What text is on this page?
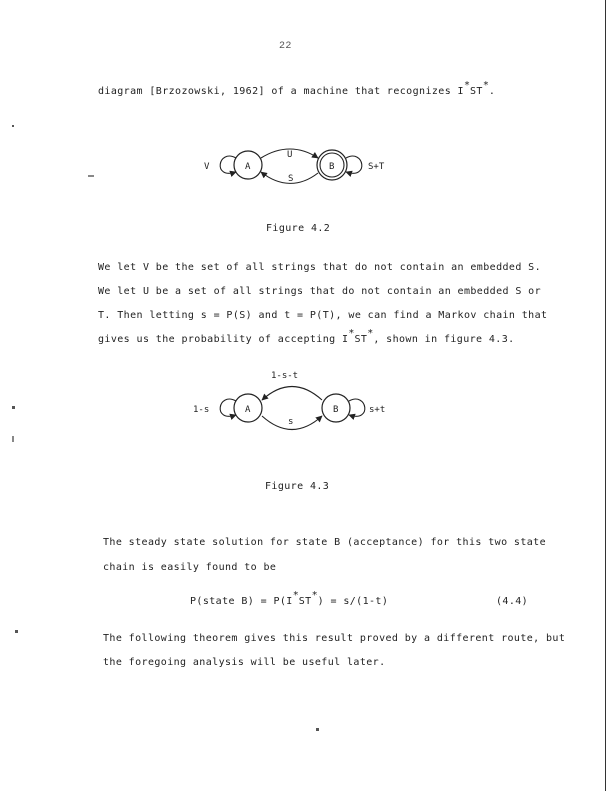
22
diagram [Brzozowski, 1962] of a machine that recognizes I*ST*.
A
V	B	S+T
U
S
A
1-s	B	s+t
1-s-t
s
Figure 4.2
We let V be the set of all strings that do not contain an embedded S.
We let U be a set of all strings that do not contain an embedded S or
T. Then letting s = P(S) and t = P(T), we can find a Markov chain that
gives us the probability of accepting I*ST*, shown in figure 4.3.
Figure 4.3
The steady state solution for state B (acceptance) for this two state
chain is easily found to be
P(state B) = P(I*ST*) = s/(1-t)	(4.4)
The following theorem gives this result proved by a different route, but
the foregoing analysis will be useful later.
